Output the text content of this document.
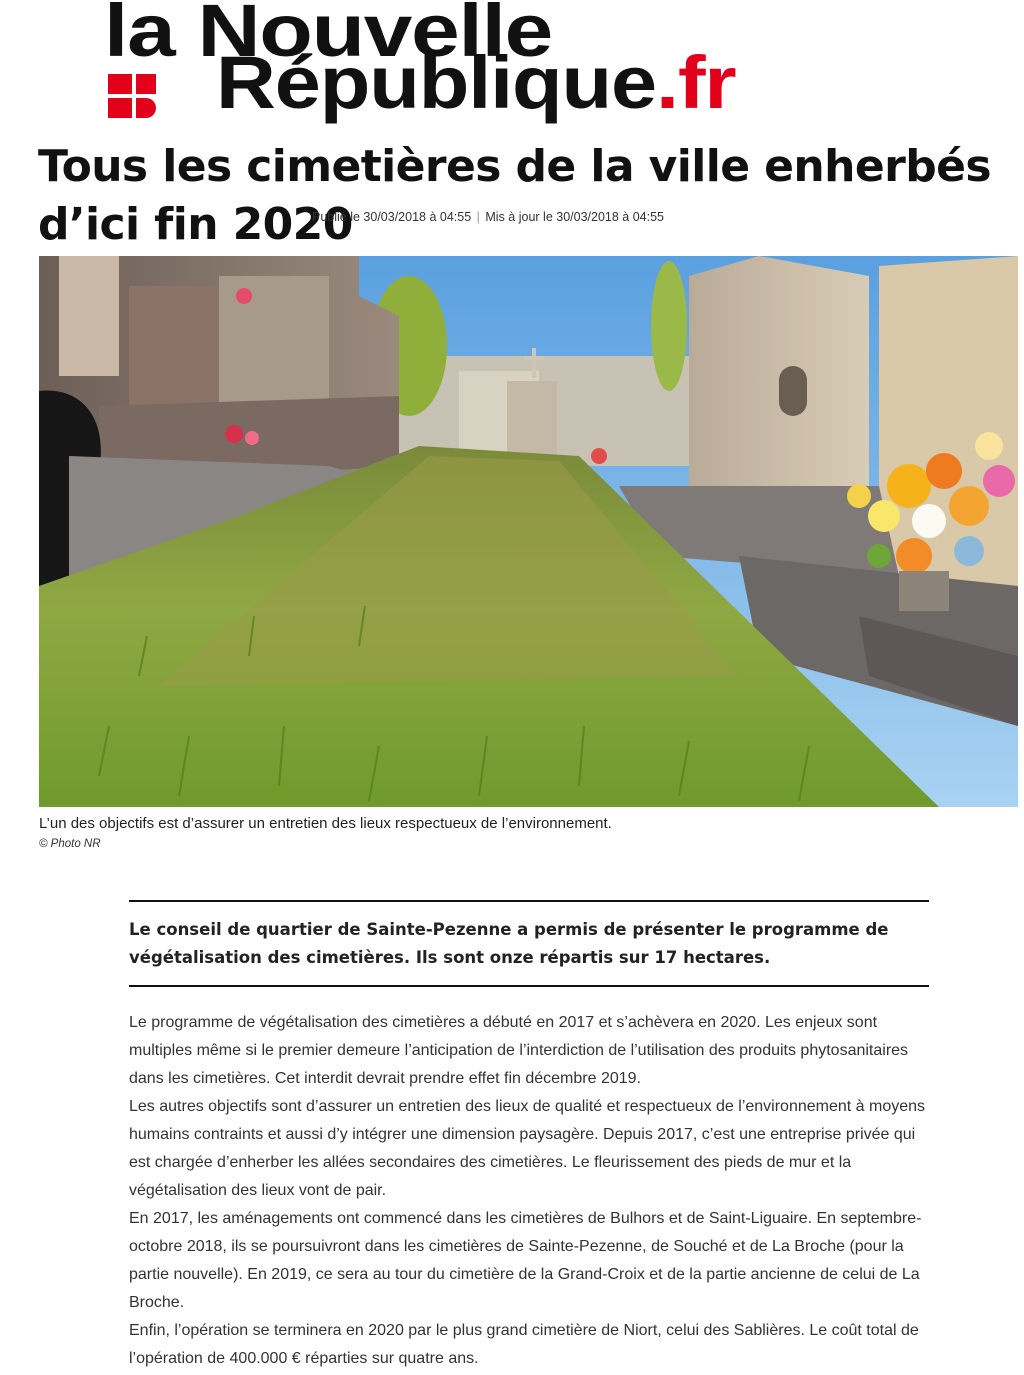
la Nouvelle
République.fr
Tous les cimetières de la ville enherbés d’ici fin 2020
Publié le 30/03/2018 à 04:55 | Mis à jour le 30/03/2018 à 04:55
L’un des objectifs est d’assurer un entretien des lieux respectueux de l’environnement.
© Photo NR
Le conseil de quartier de Sainte-Pezenne a permis de présenter le programme de végétalisation des cimetières. Ils sont onze répartis sur 17 hectares.

Le programme de végétalisation des cimetières a débuté en 2017 et s’achèvera en 2020. Les enjeux sont multiples même si le premier demeure l’anticipation de l’interdiction de l’utilisation des produits phytosanitaires dans les cimetières. Cet interdit devrait prendre effet fin décembre 2019.

Les autres objectifs sont d’assurer un entretien des lieux de qualité et respectueux de l’environnement à moyens humains contraints et aussi d’y intégrer une dimension paysagère. Depuis 2017, c’est une entreprise privée qui est chargée d’enherber les allées secondaires des cimetières. Le fleurissement des pieds de mur et la végétalisation des lieux vont de pair.

En 2017, les aménagements ont commencé dans les cimetières de Bulhors et de Saint-Liguaire. En septembre-octobre 2018, ils se poursuivront dans les cimetières de Sainte-Pezenne, de Souché et de La Broche (pour la partie nouvelle). En 2019, ce sera au tour du cimetière de la Grand-Croix et de la partie ancienne de celui de La Broche.

Enfin, l’opération se terminera en 2020 par le plus grand cimetière de Niort, celui des Sablières. Le coût total de l’opération de 400.000 € réparties sur quatre ans.
